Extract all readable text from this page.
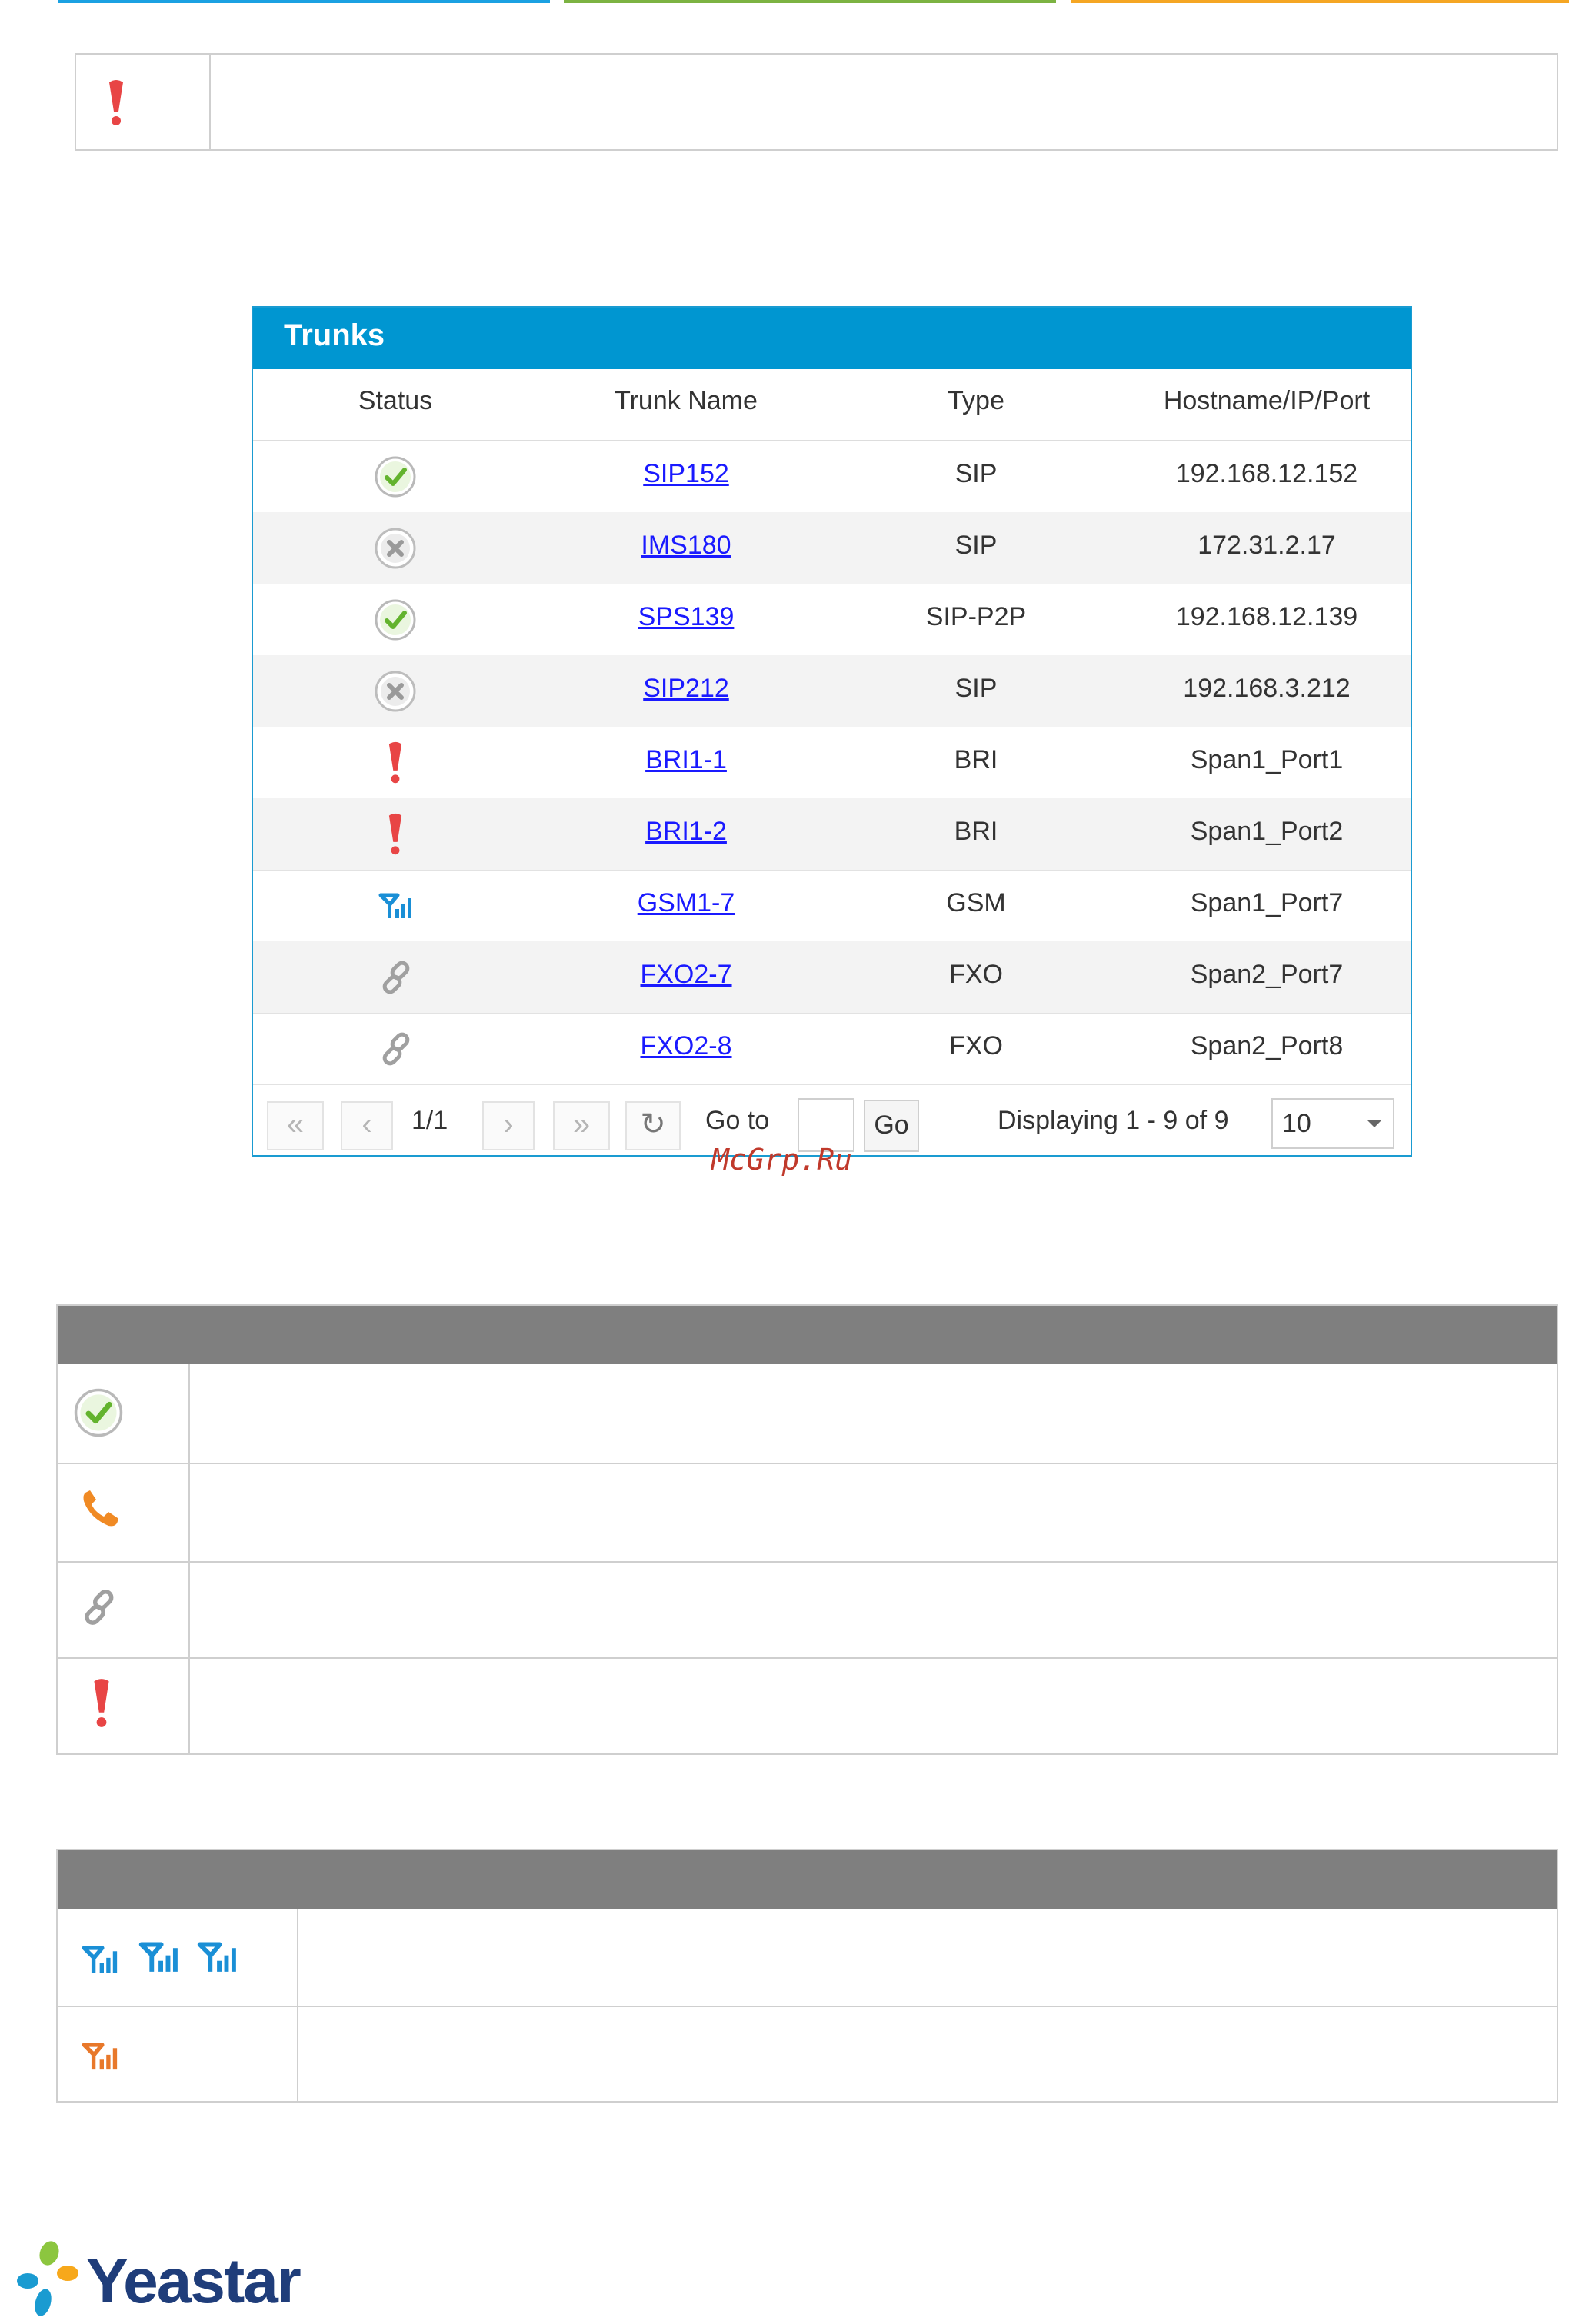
Trunks
Status	Trunk Name	Type	Hostname/IP/Port
SIP152	SIP	192.168.12.152
IMS180	SIP	172.31.2.17
SPS139	SIP-P2P	192.168.12.139
SIP212	SIP	192.168.3.212
BRI1-1	BRI	Span1_Port1
BRI1-2	BRI	Span1_Port2
GSM1-7	GSM	Span1_Port7
FXO2-7	FXO	Span2_Port7
FXO2-8	FXO	Span2_Port8
«	‹	1/1	›	»	↻	Go to	Go	Displaying 1 - 9 of 9 10
McGrp.Ru
Yeastar
